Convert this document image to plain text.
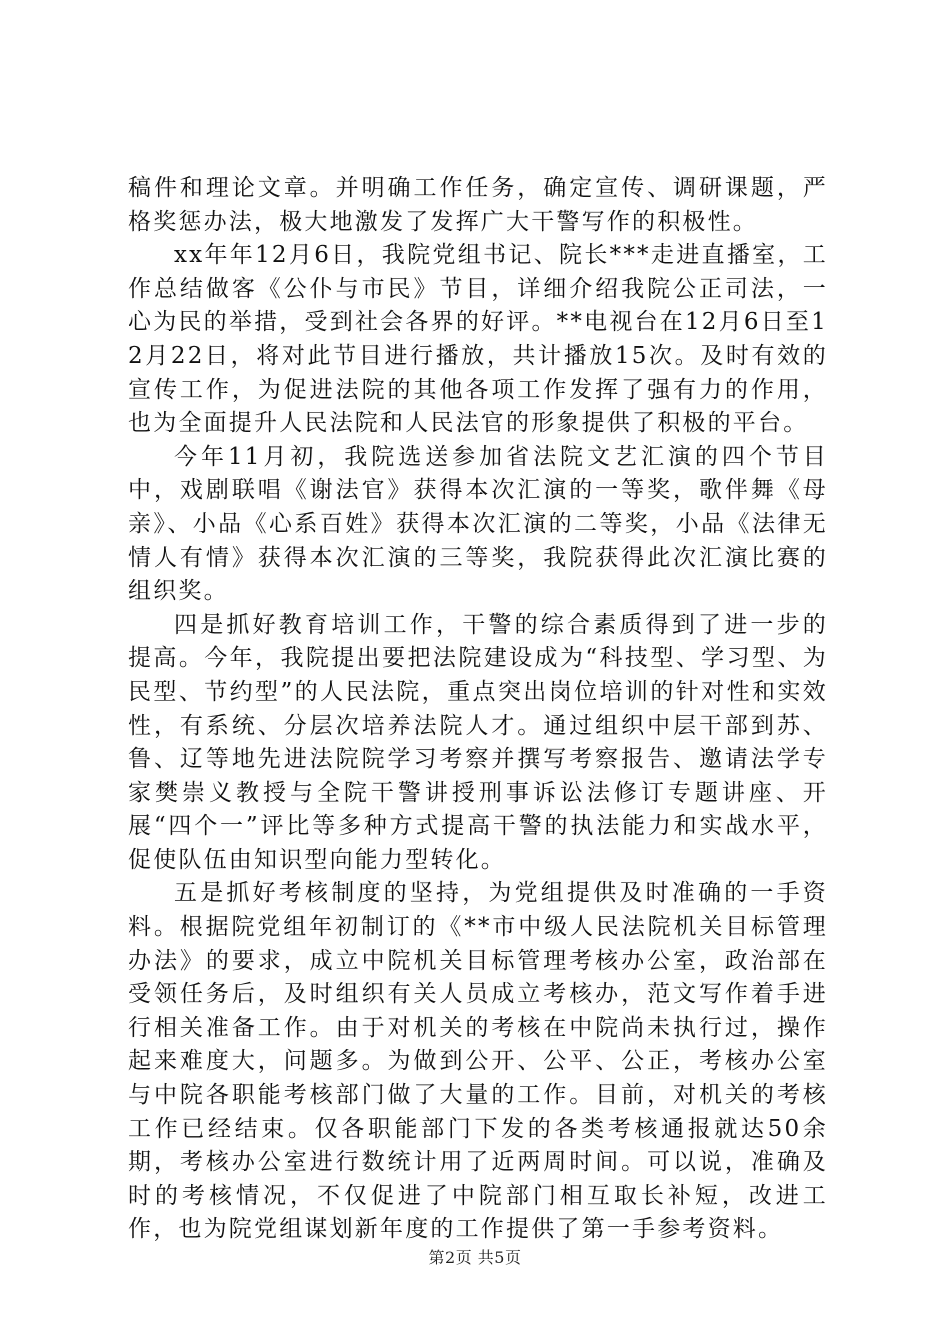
稿件和理论文章。并明确工作任务，确定宣传、调研课题，严格奖惩办法，极大地激发了发挥广大干警写作的积极性。

xx年年12月6日，我院党组书记、院长***走进直播室，工作总结做客《公仆与市民》节目，详细介绍我院公正司法，一心为民的举措，受到社会各界的好评。**电视台在12月6日至12月22日，将对此节目进行播放，共计播放15次。及时有效的宣传工作，为促进法院的其他各项工作发挥了强有力的作用，也为全面提升人民法院和人民法官的形象提供了积极的平台。

今年11月初，我院选送参加省法院文艺汇演的四个节目中，戏剧联唱《谢法官》获得本次汇演的一等奖，歌伴舞《母亲》、小品《心系百姓》获得本次汇演的二等奖，小品《法律无情人有情》获得本次汇演的三等奖，我院获得此次汇演比赛的组织奖。

四是抓好教育培训工作，干警的综合素质得到了进一步的提高。今年，我院提出要把法院建设成为“科技型、学习型、为民型、节约型”的人民法院，重点突出岗位培训的针对性和实效性，有系统、分层次培养法院人才。通过组织中层干部到苏、鲁、辽等地先进法院院学习考察并撰写考察报告、邀请法学专家樊崇义教授与全院干警讲授刑事诉讼法修订专题讲座、开展“四个一”评比等多种方式提高干警的执法能力和实战水平，促使队伍由知识型向能力型转化。

五是抓好考核制度的坚持，为党组提供及时准确的一手资料。根据院党组年初制订的《**市中级人民法院机关目标管理办法》的要求，成立中院机关目标管理考核办公室，政治部在受领任务后，及时组织有关人员成立考核办，范文写作着手进行相关准备工作。由于对机关的考核在中院尚未执行过，操作起来难度大，问题多。为做到公开、公平、公正，考核办公室与中院各职能考核部门做了大量的工作。目前，对机关的考核工作已经结束。仅各职能部门下发的各类考核通报就达50余期，考核办公室进行数统计用了近两周时间。可以说，准确及时的考核情况，不仅促进了中院部门相互取长补短，改进工作，也为院党组谋划新年度的工作提供了第一手参考资料。

第2页 共5页
